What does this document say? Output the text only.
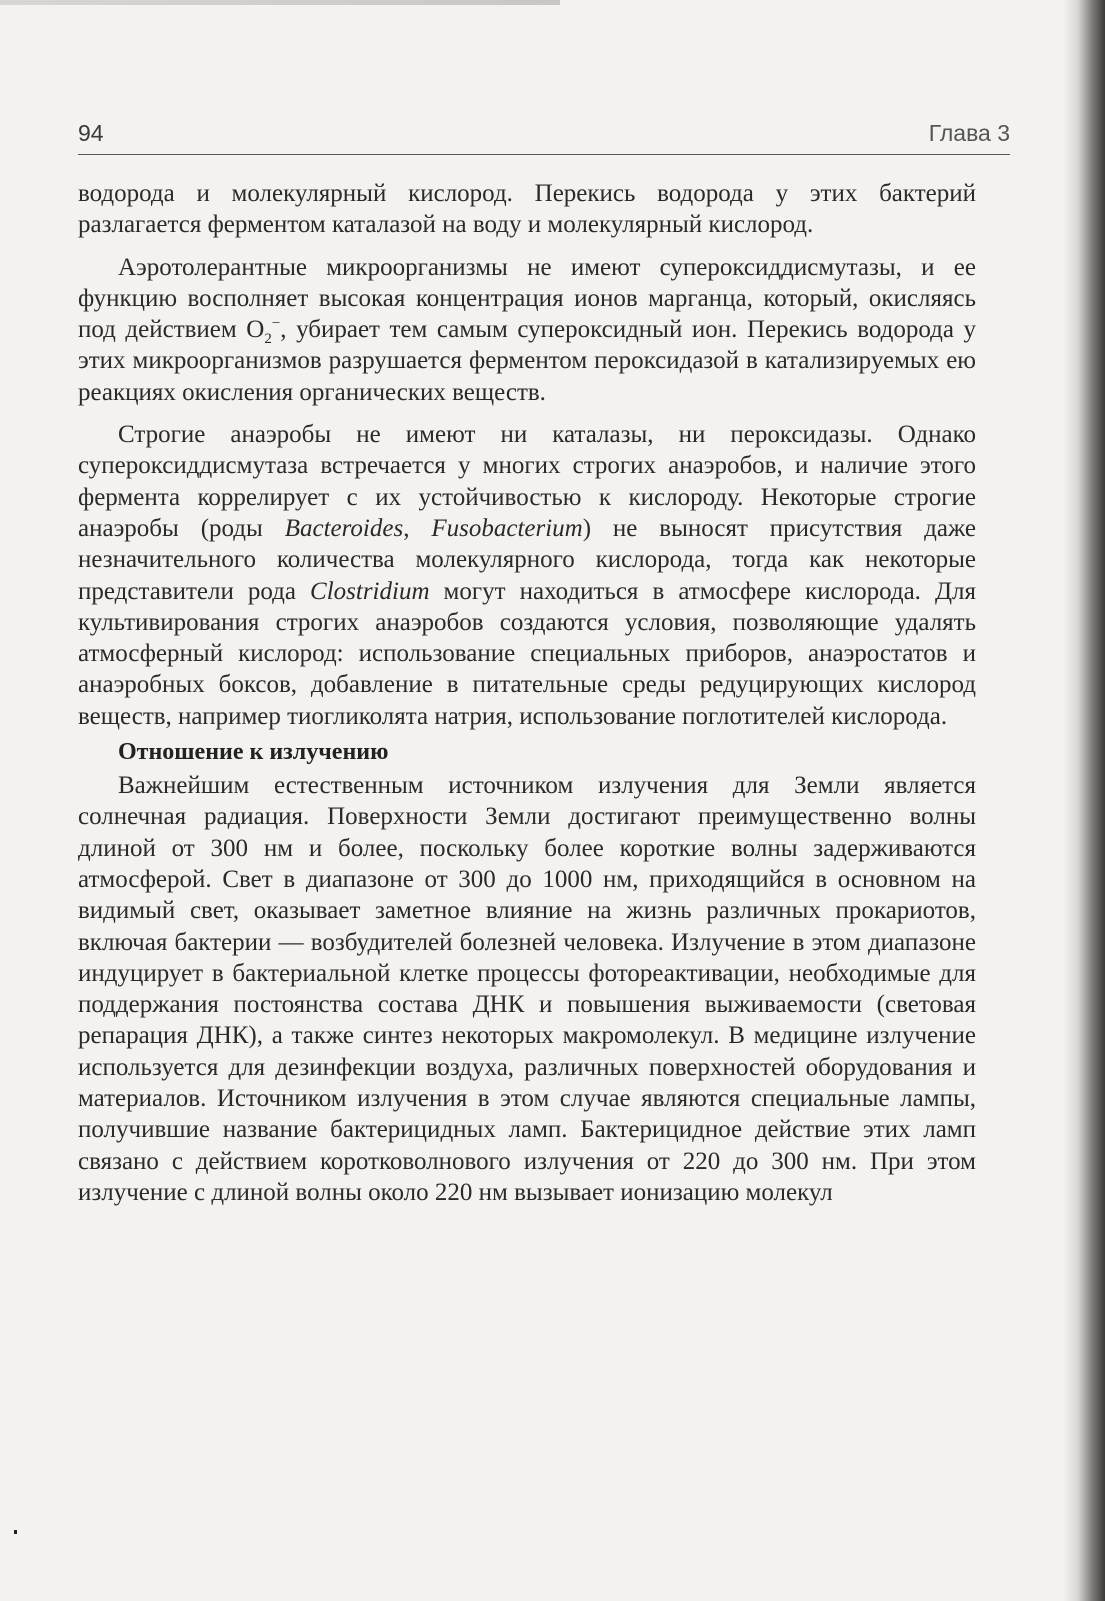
94	Глава 3

водорода и молекулярный кислород. Перекись водорода у этих бактерий разлагается ферментом каталазой на воду и молекулярный кислород.

Аэротолерантные микроорганизмы не имеют супероксиддисмутазы, и ее функцию восполняет высокая концентрация ионов марганца, который, окисляясь под действием $O_2^-$, убирает тем самым супероксидный ион. Перекись водорода у этих микроорганизмов разрушается ферментом пероксидазой в катализируемых ею реакциях окисления органических веществ.

Строгие анаэробы не имеют ни каталазы, ни пероксидазы. Однако супероксиддисмутаза встречается у многих строгих анаэробов, и наличие этого фермента коррелирует с их устойчивостью к кислороду. Некоторые строгие анаэробы (роды Bacteroides, Fusobacterium) не выносят присутствия даже незначительного количества молекулярного кислорода, тогда как некоторые представители рода Clostridium могут находиться в атмосфере кислорода. Для культивирования строгих анаэробов создаются условия, позволяющие удалять атмосферный кислород: использование специальных приборов, анаэростатов и анаэробных боксов, добавление в питательные среды редуцирующих кислород веществ, например тиогликолята натрия, использование поглотителей кислорода.

Отношение к излучению

Важнейшим естественным источником излучения для Земли является солнечная радиация. Поверхности Земли достигают преимущественно волны длиной от 300 нм и более, поскольку более короткие волны задерживаются атмосферой. Свет в диапазоне от 300 до 1000 нм, приходящийся в основном на видимый свет, оказывает заметное влияние на жизнь различных прокариотов, включая бактерии — возбудителей болезней человека. Излучение в этом диапазоне индуцирует в бактериальной клетке процессы фотореактивации, необходимые для поддержания постоянства состава ДНК и повышения выживаемости (световая репарация ДНК), а также синтез некоторых макромолекул. В медицине излучение используется для дезинфекции воздуха, различных поверхностей оборудования и материалов. Источником излучения в этом случае являются специальные лампы, получившие название бактерицидных ламп. Бактерицидное действие этих ламп связано с действием коротковолнового излучения от 220 до 300 нм. При этом излучение с длиной волны около 220 нм вызывает ионизацию молекул
